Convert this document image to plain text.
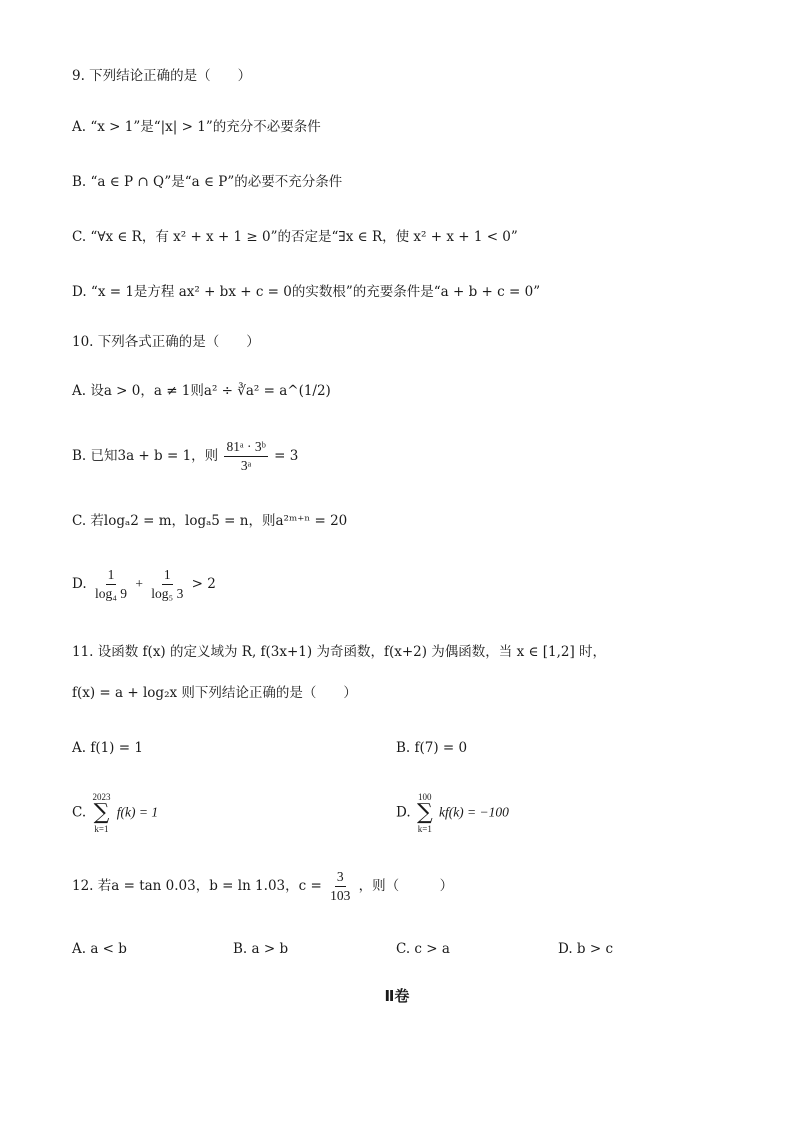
9. 下列结论正确的是（　　）
A. “x > 1”是“|x| > 1”的充分不必要条件
B. “a ∈ P ∩ Q”是“a ∈ P”的必要不充分条件
C. “∀x ∈ R，有 x² + x + 1 ≥ 0”的否定是“∃x ∈ R，使 x² + x + 1 < 0”
D. “x = 1是方程 ax² + bx + c = 0的实数根”的充要条件是“a + b + c = 0”
10. 下列各式正确的是（　　）
A. 设a > 0，a ≠ 1则a² ÷ ∛a² = a^(1/2)
B. 已知3a + b = 1，则 $\frac{\text{81ᵃ · 3ᵇ}}{\text{3ᵃ}} = 3$
C. 若logₐ2 = m，logₐ5 = n，则a²ᵐ⁺ⁿ = 20
D. $\frac{1}{\text{log₄ 9}} + \frac{1}{\text{log₅ 3}} > 2$
11. 设函数 f(x) 的定义域为 R, f(3x+1) 为奇函数，f(x+2) 为偶函数，当 x ∈ [1,2] 时，
f(x) = a + log₂x 则下列结论正确的是（　　）
A. f(1) = 1	B. f(7) = 0
C.
2023
∑
k=1
f(k) = 1	D.
100
∑
k=1
kf(k) = −100
12. 若a = tan 0.03，b = ln 1.03，$c = \frac{3}{103}$ ，则（　　　）
A. a < b	B. a > b	C. c > a	D. b > c
Ⅱ卷
